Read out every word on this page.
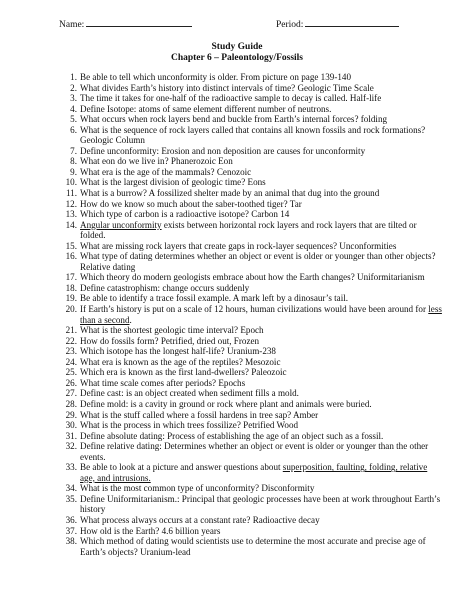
Name:	Period:
Study Guide
Chapter 6 – Paleontology/Fossils
1. Be able to tell which unconformity is older. From picture on page 139-140
2. What divides Earth’s history into distinct intervals of time? Geologic Time Scale
3. The time it takes for one-half of the radioactive sample to decay is called. Half-life
4. Define Isotope: atoms of same element different number of neutrons.
5. What occurs when rock layers bend and buckle from Earth’s internal forces? folding
6. What is the sequence of rock layers called that contains all known fossils and rock formations? Geologic Column
7. Define unconformity: Erosion and non deposition are causes for unconformity
8. What eon do we live in? Phanerozoic Eon
9. What era is the age of the mammals? Cenozoic
10. What is the largest division of geologic time? Eons
11. What is a burrow? A fossilized shelter made by an animal that dug into the ground
12. How do we know so much about the saber-toothed tiger? Tar
13. Which type of carbon is a radioactive isotope? Carbon 14
14. Angular unconformity exists between horizontal rock layers and rock layers that are tilted or folded.
15. What are missing rock layers that create gaps in rock-layer sequences? Unconformities
16. What type of dating determines whether an object or event is older or younger than other objects? Relative dating
17. Which theory do modern geologists embrace about how the Earth changes? Uniformitarianism
18. Define catastrophism: change occurs suddenly
19. Be able to identify a trace fossil example. A mark left by a dinosaur’s tail.
20. If Earth’s history is put on a scale of 12 hours, human civilizations would have been around for less than a second.
21. What is the shortest geologic time interval? Epoch
22. How do fossils form? Petrified, dried out, Frozen
23. Which isotope has the longest half-life? Uranium-238
24. What era is known as the age of the reptiles? Mesozoic
25. Which era is known as the first land-dwellers? Paleozoic
26. What time scale comes after periods? Epochs
27. Define cast: is an object created when sediment fills a mold.
28. Define mold: is a cavity in ground or rock where plant and animals were buried.
29. What is the stuff called where a fossil hardens in tree sap? Amber
30. What is the process in which trees fossilize? Petrified Wood
31. Define absolute dating: Process of establishing the age of an object such as a fossil.
32. Define relative dating: Determines whether an object or event is older or younger than the other events.
33. Be able to look at a picture and answer questions about superposition, faulting, folding, relative age, and intrusions.
34. What is the most common type of unconformity? Disconformity
35. Define Uniformitarianism.: Principal that geologic processes have been at work throughout Earth’s history
36. What process always occurs at a constant rate? Radioactive decay
37. How old is the Earth? 4.6 billion years
38. Which method of dating would scientists use to determine the most accurate and precise age of Earth’s objects? Uranium-lead
